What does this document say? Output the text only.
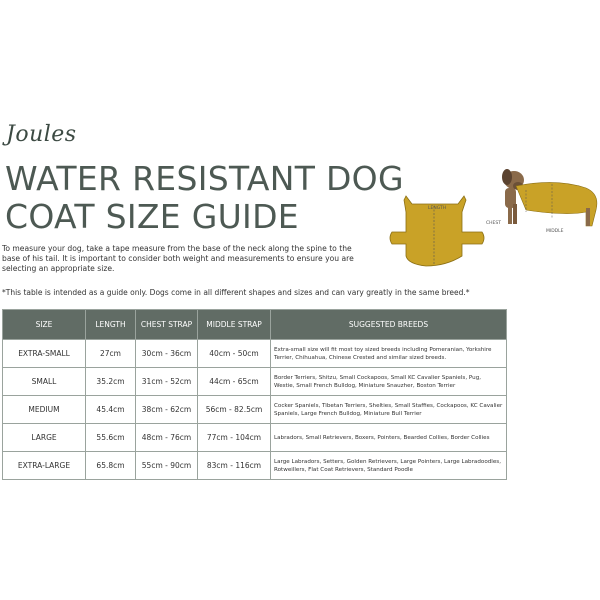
Joules
WATER RESISTANT DOG
COAT SIZE GUIDE	LENGTH
CHEST
MIDDLE

To measure your dog, take a tape measure from the base of the neck along the spine to the base of his tail. It is important to consider both weight and measurements to ensure you are selecting an appropriate size.

*This table is intended as a guide only. Dogs come in all different shapes and sizes and can vary greatly in the same breed.*

SIZE	LENGTH	CHEST STRAP	MIDDLE STRAP	SUGGESTED BREEDS
EXTRA-SMALL	27cm	30cm - 36cm	40cm - 50cm	Extra-small size will fit most toy sized breeds including Pomeranian, Yorkshire Terrier, Chihuahua, Chinese Crested and similar sized breeds.
SMALL	35.2cm	31cm - 52cm	44cm - 65cm	Border Terriers, Shitzu, Small Cockapoos, Small KC Cavalier Spaniels, Pug, Westie, Small French Bulldog, Miniature Snauzher, Boston Terrier
MEDIUM	45.4cm	38cm - 62cm	56cm - 82.5cm	Cocker Spaniels, Tibetan Terriers, Shelties, Small Staffies, Cockapoos, KC Cavalier Spaniels, Large French Bulldog, Miniature Bull Terrier
LARGE	55.6cm	48cm - 76cm	77cm - 104cm	Labradors, Small Retrievers, Boxers, Pointers, Bearded Collies, Border Collies
EXTRA-LARGE	65.8cm	55cm - 90cm	83cm - 116cm	Large Labradors, Setters, Golden Retrievers, Large Pointers, Large Labradoodles, Rotweillers, Flat Coat Retrievers, Standard Poodle
